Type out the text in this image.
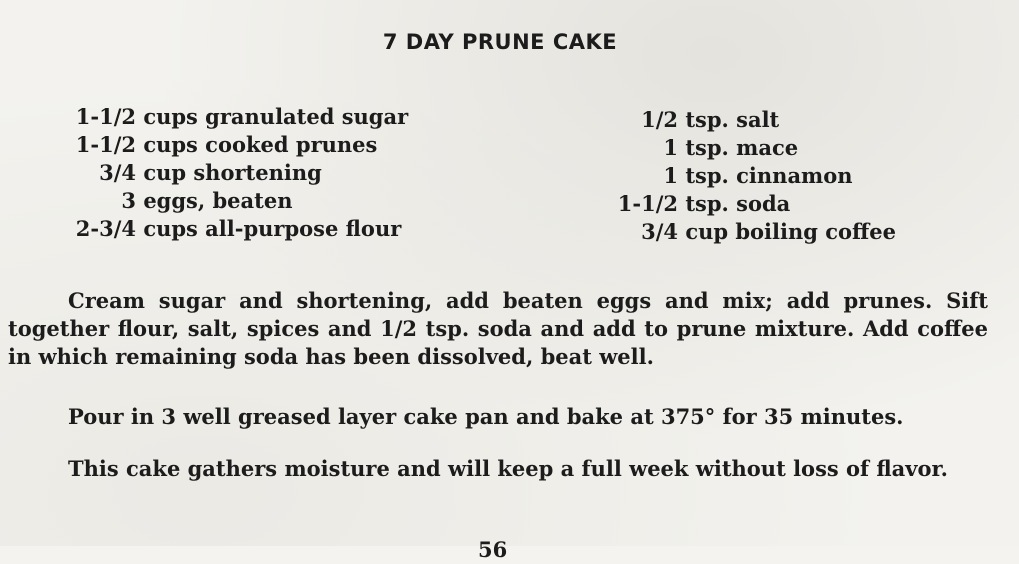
7 DAY PRUNE CAKE
1-1/2 cups granulated sugar
1-1/2 cups cooked prunes
3/4 cup shortening
3 eggs, beaten
2-3/4 cups all-purpose flour
1/2 tsp. salt
1 tsp. mace
1 tsp. cinnamon
1-1/2 tsp. soda
3/4 cup boiling coffee
Cream sugar and shortening, add beaten eggs and mix; add prunes. Sift together flour, salt, spices and 1/2 tsp. soda and add to prune mixture. Add coffee in which remaining soda has been dissolved, beat well.
Pour in 3 well greased layer cake pan and bake at 375° for 35 minutes.
This cake gathers moisture and will keep a full week without loss of flavor.
56
